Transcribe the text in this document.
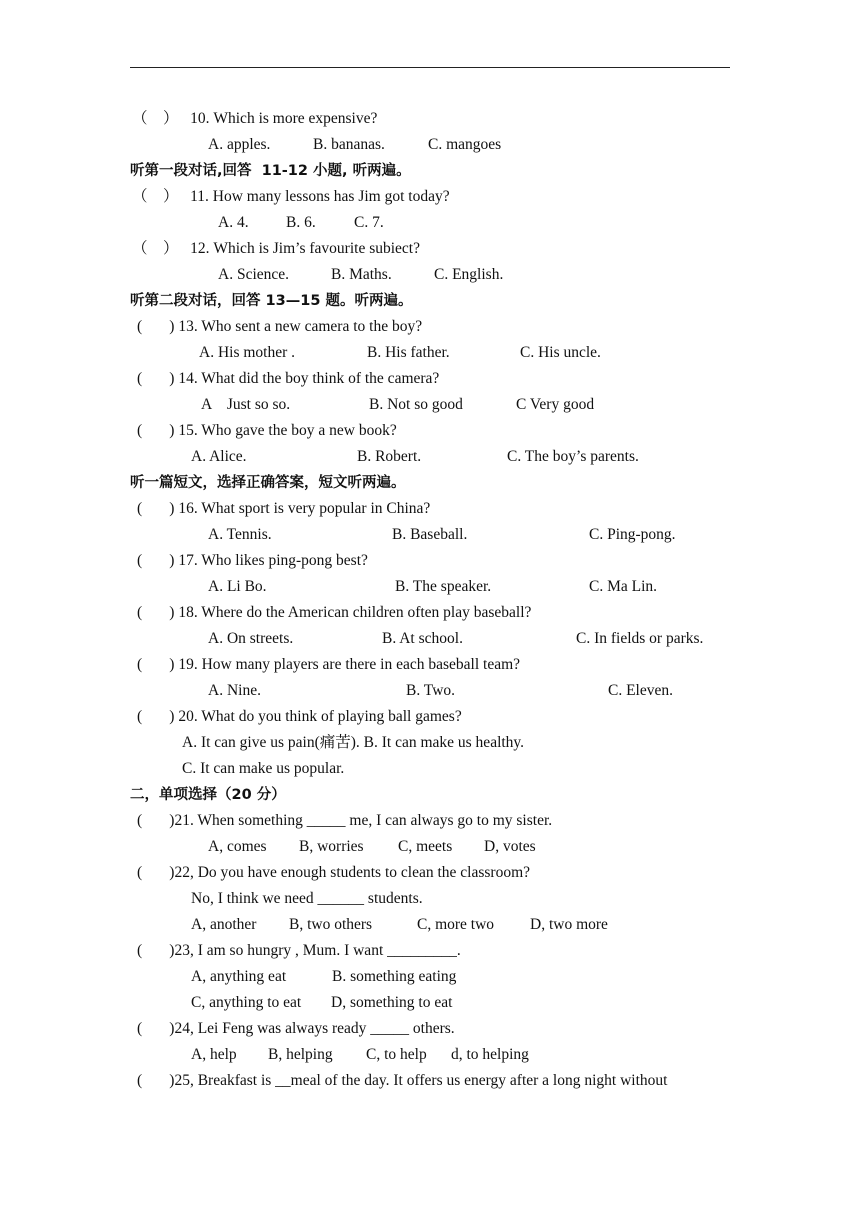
（    ）   10. Which is more expensive?
A. apples.	B. bananas.	C. mangoes
听第一段对话,回答  11-12 小题, 听两遍。
（    ）   11. How many lessons has Jim got today?
A. 4. B. 6. C. 7.
（    ）   12. Which is Jim’s favourite subiect?
A. Science.	B. Maths.	C. English.
听第二段对话，回答 13—15 题。听两遍。
(       ) 13. Who sent a new camera to the boy?
A. His mother .	B. His father.	C. His uncle.
(       ) 14. What did the boy think of the camera?
A    Just so so.	B. Not so good	C Very good
(       ) 15. Who gave the boy a new book?
A. Alice.	B. Robert.	C. The boy’s parents.
听一篇短文，选择正确答案，短文听两遍。
(       ) 16. What sport is very popular in China?
A. Tennis.	B. Baseball.	C. Ping-pong.
(       ) 17. Who likes ping-pong best?
A. Li Bo.	B. The speaker.	C. Ma Lin.
(       ) 18. Where do the American children often play baseball?
A. On streets.	B. At school.	C. In fields or parks.
(       ) 19. How many players are there in each baseball team?
A. Nine.	B. Two.	C. Eleven.
(       ) 20. What do you think of playing ball games?
A. It can give us pain(痛苦). B. It can make us healthy.
C. It can make us popular.
二，单项选择（20 分）
(       )21. When something _____ me, I can always go to my sister.
A, comes B, worries C, meets D, votes
(       )22, Do you have enough students to clean the classroom?
No, I think we need ______ students.
A, another B, two others	C, more two D, two more
(       )23, I am so hungry , Mum. I want _________.
A, anything eat	B. something eating
C, anything to eat D, something to eat
(       )24, Lei Feng was always ready _____ others.
A, help B, helping C, to help d, to helping
(       )25, Breakfast is __meal of the day. It offers us energy after a long night without
